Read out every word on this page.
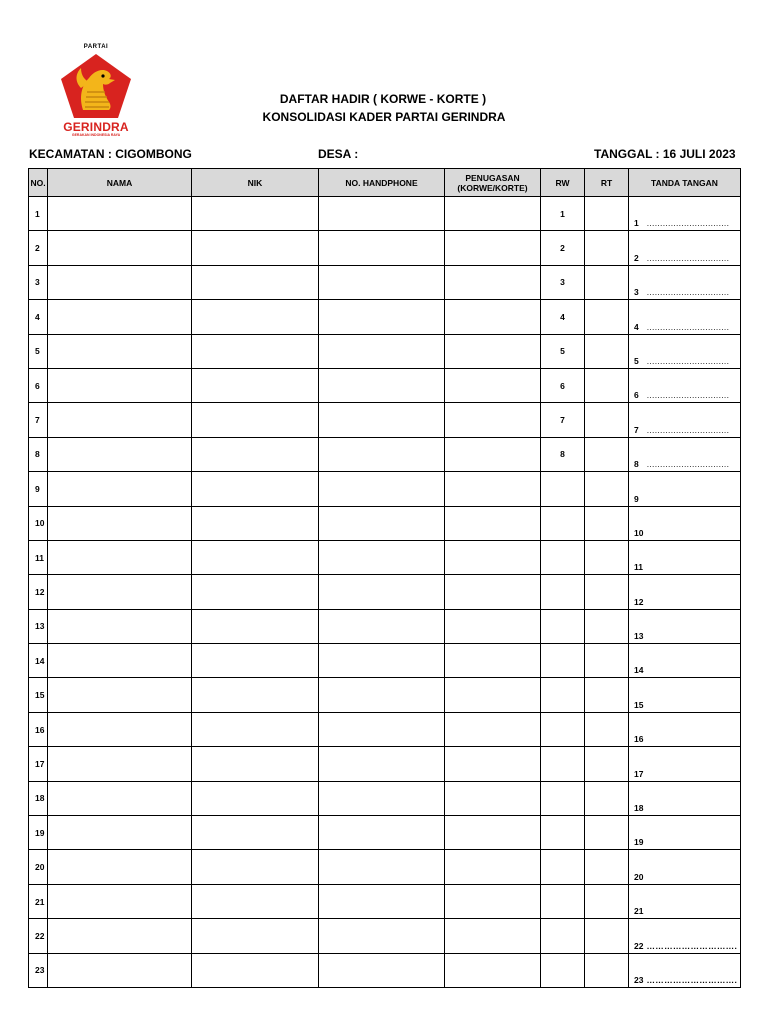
PARTAI
GERINDRA
GERAKAN INDONESIA RAYA
DAFTAR HADIR ( KORWE - KORTE )
KONSOLIDASI KADER PARTAI GERINDRA
KECAMATAN : CIGOMBONG	DESA :	TANGGAL : 16 JULI 2023
NO.	NAMA	NIK	NO. HANDPHONE	PENUGASAN (KORWE/KORTE)	RW	RT	TANDA TANGAN
1					1		1 ...............................
2					2		2 ...............................
3					3		3 ...............................
4					4		4 ...............................
5					5		5 ...............................
6					6		6 ...............................
7					7		7 ...............................
8					8		8 ...............................
9							9
10							10
11							11
12							12
13							13
14							14
15							15
16							16
17							17
18							18
19							19
20							20
21							21
22							22 ………………………….
23							23 ………………………….
